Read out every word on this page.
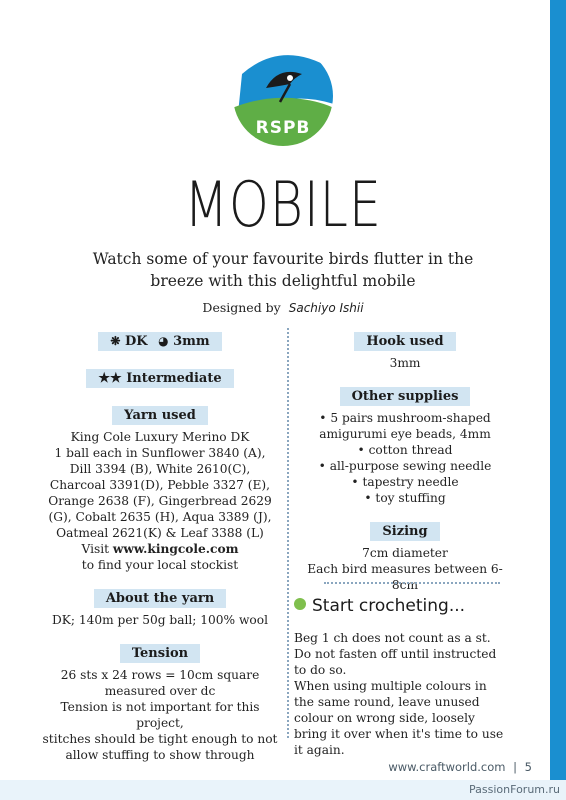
RSPB
MOBILE
Watch some of your favourite birds flutter in the
breeze with this delightful mobile
Designed by Sachiyo Ishii
❋ DK ◕ 3mm
★★ Intermediate
Yarn used
King Cole Luxury Merino DK
1 ball each in Sunflower 3840 (A),
Dill 3394 (B), White 2610(C),
Charcoal 3391(D), Pebble 3327 (E),
Orange 2638 (F), Gingerbread 2629
(G), Cobalt 2635 (H), Aqua 3389 (J),
Oatmeal 2621(K) & Leaf 3388 (L)
Visit www.kingcole.com
to find your local stockist
About the yarn
DK; 140m per 50g ball; 100% wool
Tension
26 sts x 24 rows = 10cm square
measured over dc
Tension is not important for this project,
stitches should be tight enough to not
allow stuffing to show through
Hook used
3mm
Other supplies
• 5 pairs mushroom-shaped
amigurumi eye beads, 4mm
• cotton thread
• all-purpose sewing needle
• tapestry needle
• toy stuffing
Sizing
7cm diameter
Each bird measures between 6-8cm
Start crocheting...

Beg 1 ch does not count as a st.

Do not fasten off until instructed to do so.

When using multiple colours in the same round, leave unused colour on wrong side, loosely bring it over when it's time to use it again.

www.craftworld.com | 5
PassionForum.ru
